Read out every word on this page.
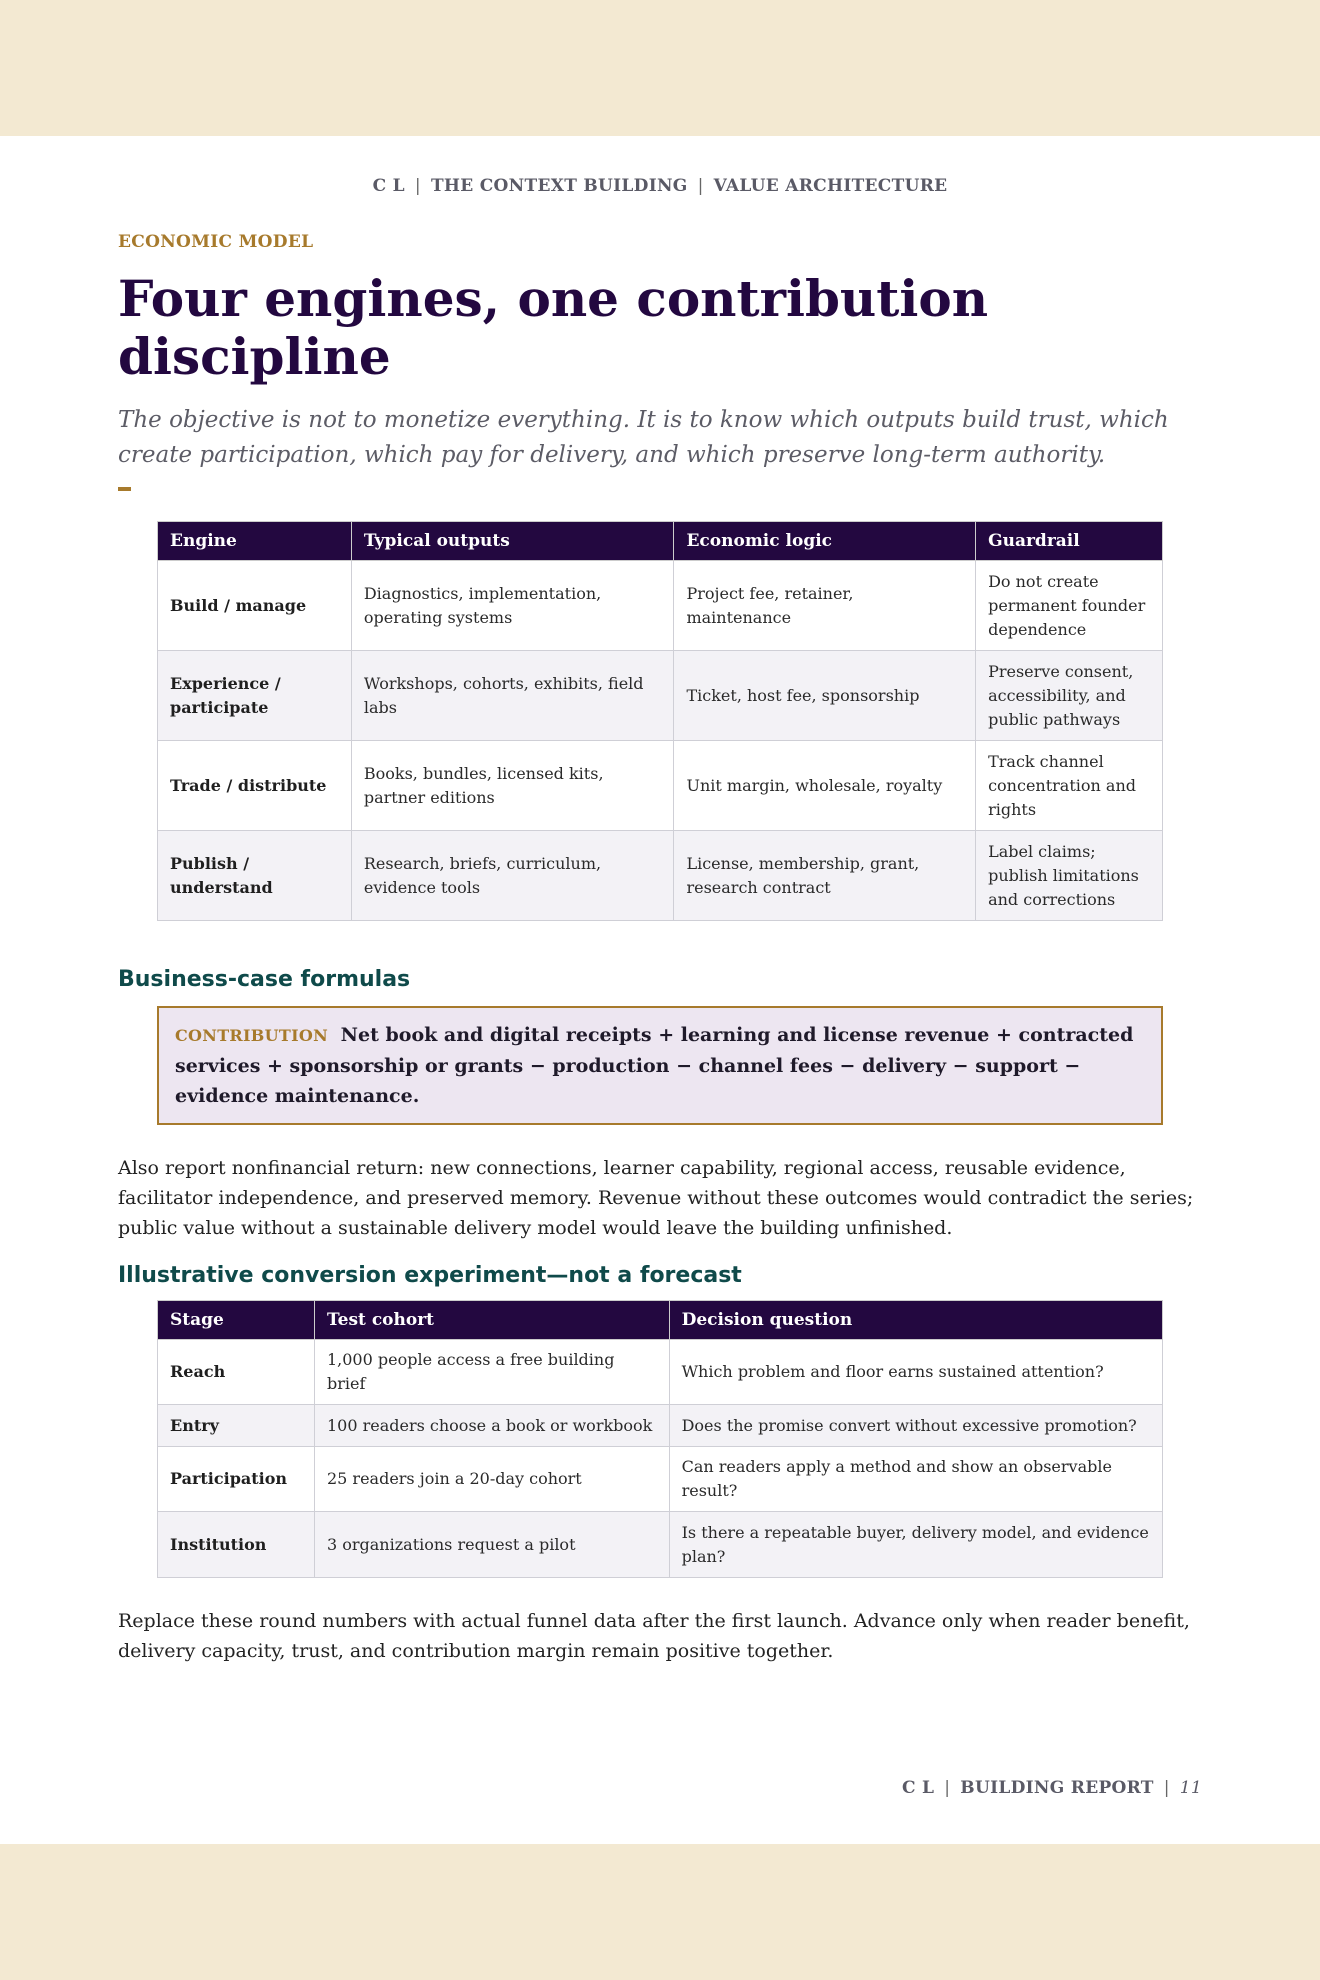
C L | THE CONTEXT BUILDING | VALUE ARCHITECTURE
ECONOMIC MODEL
Four engines, one contribution discipline

The objective is not to monetize everything. It is to know which outputs build trust, which create participation, which pay for delivery, and which preserve long-term authority.

Engine	Typical outputs	Economic logic	Guardrail
Build / manage	Diagnostics, implementation, operating systems	Project fee, retainer, maintenance	Do not create permanent founder dependence
Experience / participate	Workshops, cohorts, exhibits, field labs	Ticket, host fee, sponsorship	Preserve consent, accessibility, and public pathways
Trade / distribute	Books, bundles, licensed kits, partner editions	Unit margin, wholesale, royalty	Track channel concentration and rights
Publish / understand	Research, briefs, curriculum, evidence tools	License, membership, grant, research contract	Label claims; publish limitations and corrections
Business-case formulas
CONTRIBUTION Net book and digital receipts + learning and license revenue + contracted services + sponsorship or grants − production − channel fees − delivery − support − evidence maintenance.

Also report nonfinancial return: new connections, learner capability, regional access, reusable evidence, facilitator independence, and preserved memory. Revenue without these outcomes would contradict the series; public value without a sustainable delivery model would leave the building unfinished.

Illustrative conversion experiment—not a forecast
Stage	Test cohort	Decision question
Reach	1,000 people access a free building brief	Which problem and floor earns sustained attention?
Entry	100 readers choose a book or workbook	Does the promise convert without excessive promotion?
Participation	25 readers join a 20-day cohort	Can readers apply a method and show an observable result?
Institution	3 organizations request a pilot	Is there a repeatable buyer, delivery model, and evidence plan?

Replace these round numbers with actual funnel data after the first launch. Advance only when reader benefit, delivery capacity, trust, and contribution margin remain positive together.

C L | BUILDING REPORT | 11
